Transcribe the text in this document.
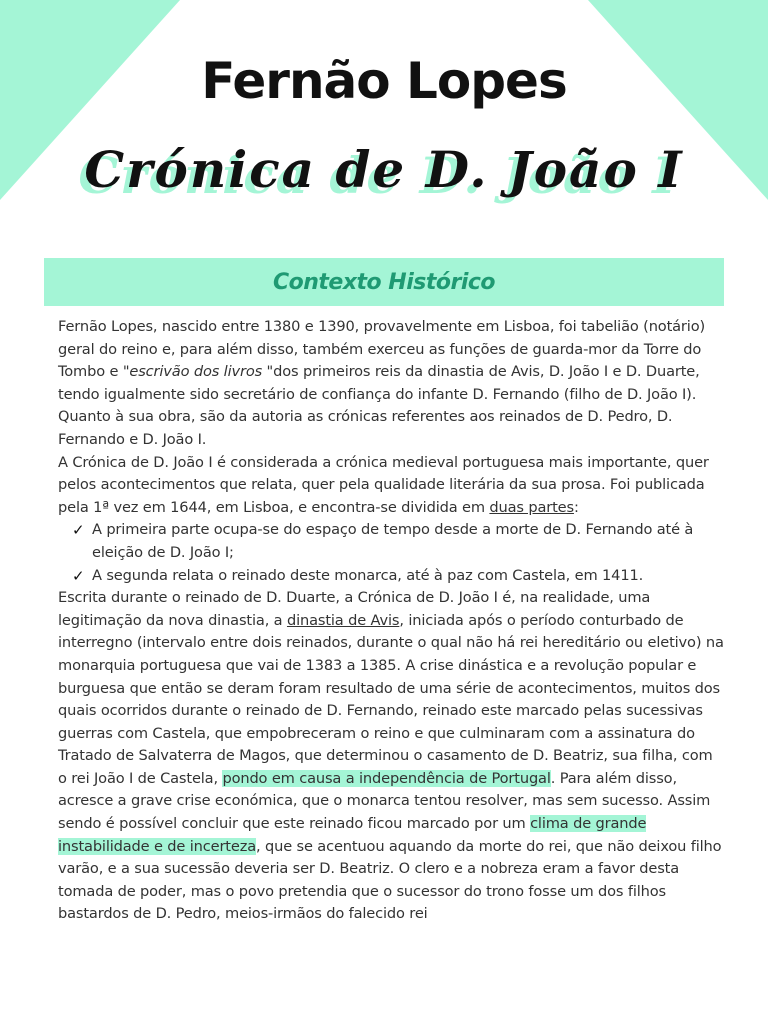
Fernão Lopes
Crónica de D. João I
Contexto Histórico

Fernão Lopes, nascido entre 1380 e 1390, provavelmente em Lisboa, foi tabelião (notário) geral do reino e, para além disso, também exerceu as funções de guarda-mor da Torre do Tombo e "escrivão dos livros "dos primeiros reis da dinastia de Avis, D. João I e D. Duarte, tendo igualmente sido secretário de confiança do infante D. Fernando (filho de D. João I).

Quanto à sua obra, são da autoria as crónicas referentes aos reinados de D. Pedro, D. Fernando e D. João I.

A Crónica de D. João I é considerada a crónica medieval portuguesa mais importante, quer pelos acontecimentos que relata, quer pela qualidade literária da sua prosa. Foi publicada pela 1ª vez em 1644, em Lisboa, e encontra-se dividida em duas partes:

✓ A primeira parte ocupa-se do espaço de tempo desde a morte de D. Fernando até à eleição de D. João I;

✓ A segunda relata o reinado deste monarca, até à paz com Castela, em 1411.

Escrita durante o reinado de D. Duarte, a Crónica de D. João I é, na realidade, uma legitimação da nova dinastia, a dinastia de Avis, iniciada após o período conturbado de interregno (intervalo entre dois reinados, durante o qual não há rei hereditário ou eletivo) na monarquia portuguesa que vai de 1383 a 1385. A crise dinástica e a revolução popular e burguesa que então se deram foram resultado de uma série de acontecimentos, muitos dos quais ocorridos durante o reinado de D. Fernando, reinado este marcado pelas sucessivas guerras com Castela, que empobreceram o reino e que culminaram com a assinatura do Tratado de Salvaterra de Magos, que determinou o casamento de D. Beatriz, sua filha, com o rei João I de Castela, pondo em causa a independência de Portugal. Para além disso, acresce a grave crise económica, que o monarca tentou resolver, mas sem sucesso. Assim sendo é possível concluir que este reinado ficou marcado por um clima de grande instabilidade e de incerteza, que se acentuou aquando da morte do rei, que não deixou filho varão, e a sua sucessão deveria ser D. Beatriz. O clero e a nobreza eram a favor desta tomada de poder, mas o povo pretendia que o sucessor do trono fosse um dos filhos bastardos de D. Pedro, meios-irmãos do falecido rei
